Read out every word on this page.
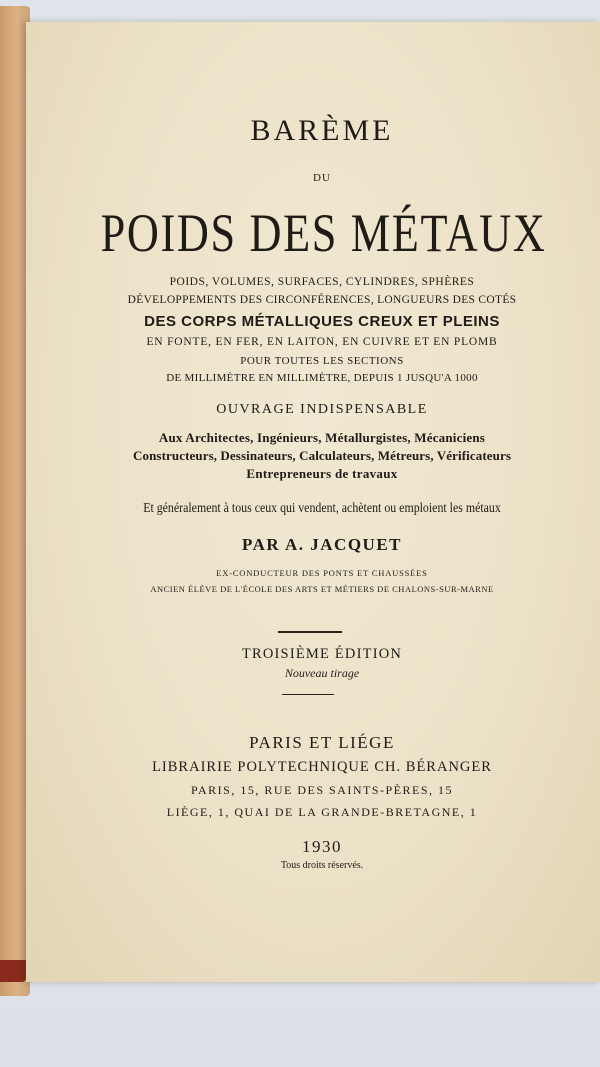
BARÈME
DU
POIDS DES MÉTAUX
POIDS, VOLUMES, SURFACES, CYLINDRES, SPHÈRES
DÉVELOPPEMENTS DES CIRCONFÉRENCES, LONGUEURS DES COTÉS
DES CORPS MÉTALLIQUES CREUX ET PLEINS
EN FONTE, EN FER, EN LAITON, EN CUIVRE ET EN PLOMB
POUR TOUTES LES SECTIONS
DE MILLIMÈTRE EN MILLIMÈTRE, DEPUIS 1 JUSQU'A 1000
OUVRAGE INDISPENSABLE
Aux Architectes, Ingénieurs, Métallurgistes, Mécaniciens
Constructeurs, Dessinateurs, Calculateurs, Métreurs, Vérificateurs
Entrepreneurs de travaux
Et généralement à tous ceux qui vendent, achètent ou emploient les métaux
PAR A. JACQUET
EX-CONDUCTEUR DES PONTS ET CHAUSSÉES
ANCIEN ÉLÈVE DE L'ÉCOLE DES ARTS ET MÉTIERS DE CHALONS-SUR-MARNE
TROISIÈME ÉDITION
Nouveau tirage
PARIS ET LIÉGE
LIBRAIRIE POLYTECHNIQUE CH. BÉRANGER
PARIS, 15, RUE DES SAINTS-PÈRES, 15
LIÈGE, 1, QUAI DE LA GRANDE-BRETAGNE, 1
1930
Tous droits réservés.
